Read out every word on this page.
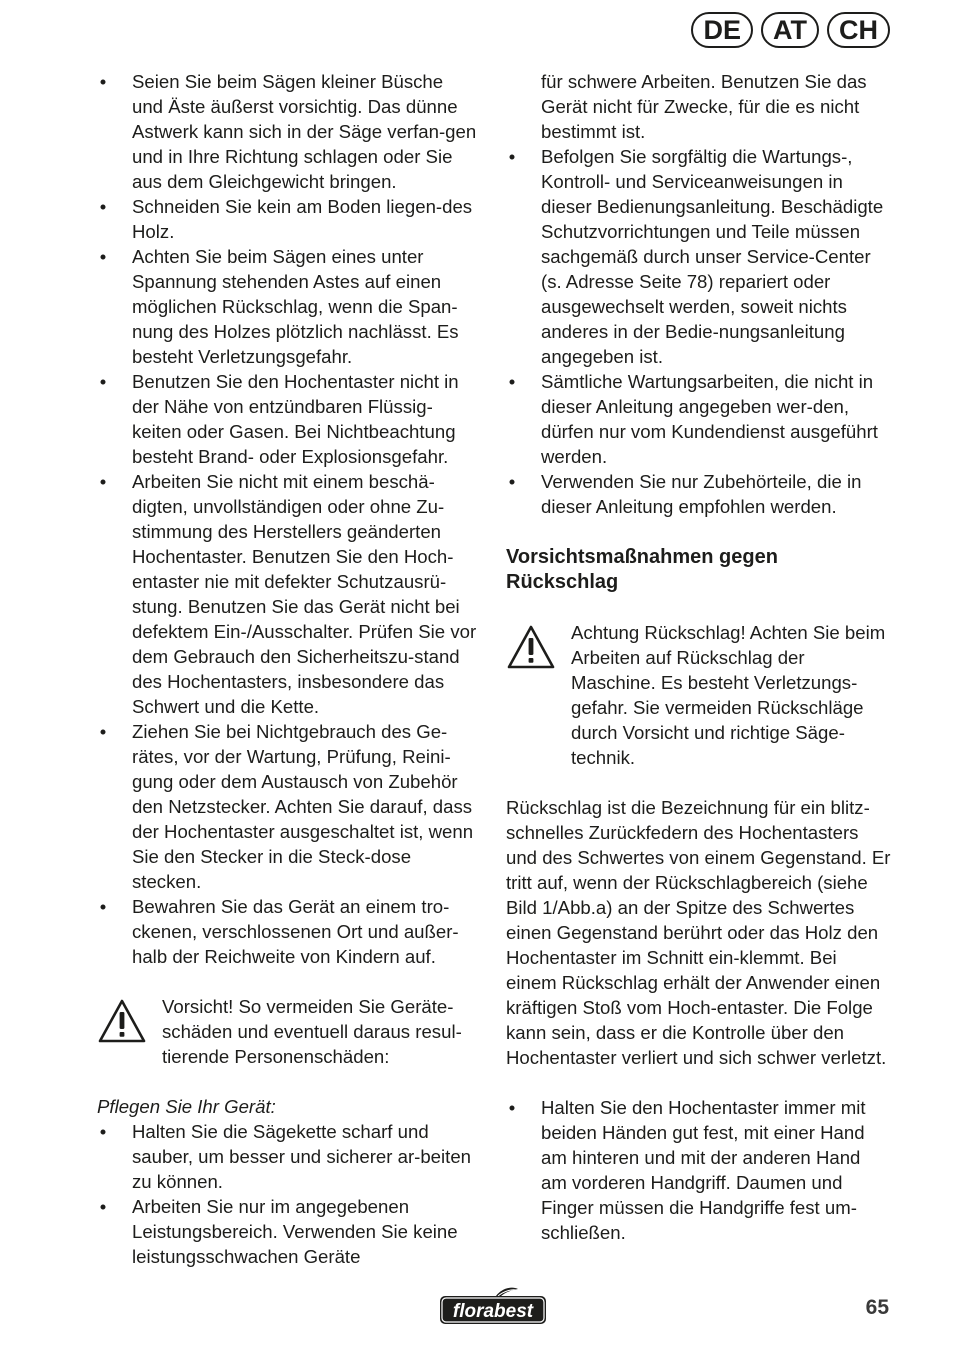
DE	AT	CH
• Seien Sie beim Sägen kleiner Büsche und Äste äußerst vorsichtig. Das dünne Astwerk kann sich in der Säge verfan-gen und in Ihre Richtung schlagen oder Sie aus dem Gleichgewicht bringen.
• Schneiden Sie kein am Boden liegen-des Holz.
• Achten Sie beim Sägen eines unter Spannung stehenden Astes auf einen möglichen Rückschlag, wenn die Span-nung des Holzes plötzlich nachlässt. Es besteht Verletzungsgefahr.
• Benutzen Sie den Hochentaster nicht in der Nähe von entzündbaren Flüssig-keiten oder Gasen. Bei Nichtbeachtung besteht Brand- oder Explosionsgefahr.
• Arbeiten Sie nicht mit einem beschä-digten, unvollständigen oder ohne Zu-stimmung des Herstellers geänderten Hochentaster. Benutzen Sie den Hoch-entaster nie mit defekter Schutzausrü-stung. Benutzen Sie das Gerät nicht bei defektem Ein-/Ausschalter. Prüfen Sie vor dem Gebrauch den Sicherheitszu-stand des Hochentasters, insbesondere das Schwert und die Kette.
• Ziehen Sie bei Nichtgebrauch des Ge-rätes, vor der Wartung, Prüfung, Reini-gung oder dem Austausch von Zubehör den Netzstecker. Achten Sie darauf, dass der Hochentaster ausgeschaltet ist, wenn Sie den Stecker in die Steck-dose stecken.
• Bewahren Sie das Gerät an einem tro-ckenen, verschlossenen Ort und außer-halb der Reichweite von Kindern auf.
Vorsicht! So vermeiden Sie Geräte-schäden und eventuell daraus resul-tierende Personenschäden:
Pflegen Sie Ihr Gerät:
• Halten Sie die Sägekette scharf und sauber, um besser und sicherer ar-beiten zu können.
• Arbeiten Sie nur im angegebenen Leistungsbereich. Verwenden Sie keine leistungsschwachen Geräte
für schwere Arbeiten. Benutzen Sie das Gerät nicht für Zwecke, für die es nicht bestimmt ist.
• Befolgen Sie sorgfältig die Wartungs-, Kontroll- und Serviceanweisungen in dieser Bedienungsanleitung. Beschädigte Schutzvorrichtungen und Teile müssen sachgemäß durch unser Service-Center (s. Adresse Seite 78) repariert oder ausgewechselt werden, soweit nichts anderes in der Bedie-nungsanleitung angegeben ist.
• Sämtliche Wartungsarbeiten, die nicht in dieser Anleitung angegeben wer-den, dürfen nur vom Kundendienst ausgeführt werden.
• Verwenden Sie nur Zubehörteile, die in dieser Anleitung empfohlen werden.
Vorsichtsmaßnahmen gegen Rückschlag
Achtung Rückschlag! Achten Sie beim Arbeiten auf Rückschlag der Maschine. Es besteht Verletzungs-gefahr. Sie vermeiden Rückschläge durch Vorsicht und richtige Säge-technik.

Rückschlag ist die Bezeichnung für ein blitz-schnelles Zurückfedern des Hochentasters und des Schwertes von einem Gegenstand. Er tritt auf, wenn der Rückschlagbereich (siehe Bild 1/Abb.a) an der Spitze des Schwertes einen Gegenstand berührt oder das Holz den Hochentaster im Schnitt ein-klemmt. Bei einem Rückschlag erhält der Anwender einen kräftigen Stoß vom Hoch-entaster. Die Folge kann sein, dass er die Kontrolle über den Hochentaster verliert und sich schwer verletzt.

• Halten Sie den Hochentaster immer mit beiden Händen gut fest, mit einer Hand am hinteren und mit der anderen Hand am vorderen Handgriff. Daumen und Finger müssen die Handgriffe fest um-schließen.
florabest	65
